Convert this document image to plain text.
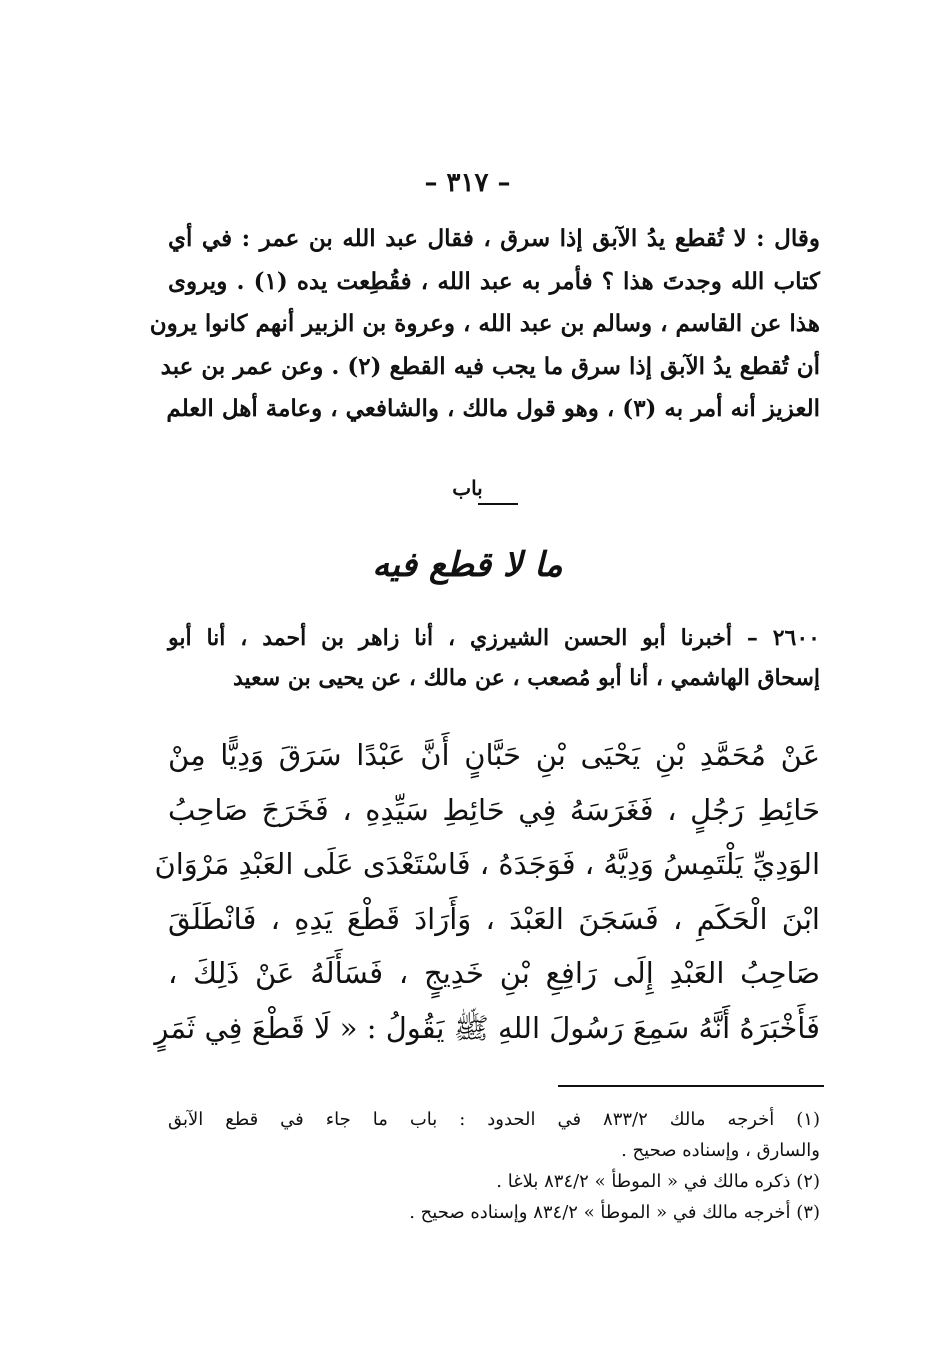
– ٣١٧ –
وقال : لا تُقطع يدُ الآبق إذا سرق ، فقال عبد الله بن عمر : في أي
كتاب الله وجدتَ هذا ؟ فأمر به عبد الله ، فقُطِعت يده (١) . ويروى
هذا عن القاسم ، وسالم بن عبد الله ، وعروة بن الزبير أنهم كانوا يرون
أن تُقطع يدُ الآبق إذا سرق ما يجب فيه القطع (٢) . وعن عمر بن عبد
العزيز أنه أمر به (٣) ، وهو قول مالك ، والشافعي ، وعامة أهل العلم
باب
ما لا قطع فيه
٢٦٠٠ – أخبرنا أبو الحسن الشيرزي ، أنا زاهر بن أحمد ، أنا أبو
إسحاق الهاشمي ، أنا أبو مُصعب ، عن مالك ، عن يحيى بن سعيد
عَنْ مُحَمَّدِ بْنِ يَحْيَى بْنِ حَبَّانٍ أَنَّ عَبْدًا سَرَقَ وَدِيًّا مِنْ
حَائِطِ رَجُلٍ ، فَغَرَسَهُ فِي حَائِطِ سَيِّدِهِ ، فَخَرَجَ صَاحِبُ
الوَدِيِّ يَلْتَمِسُ وَدِيَّهُ ، فَوَجَدَهُ ، فَاسْتَعْدَى عَلَى العَبْدِ مَرْوَانَ
ابْنَ الْحَكَمِ ، فَسَجَنَ العَبْدَ ، وَأَرَادَ قَطْعَ يَدِهِ ، فَانْطَلَقَ
صَاحِبُ العَبْدِ إِلَى رَافِعِ بْنِ خَدِيجٍ ، فَسَأَلَهُ عَنْ ذَلِكَ ،
فَأَخْبَرَهُ أَنَّهُ سَمِعَ رَسُولَ اللهِ ﷺ يَقُولُ : « لَا قَطْعَ فِي ثَمَرٍ
(١) أخرجه مالك ٨٣٣/٢ في الحدود : باب ما جاء في قطع الآبق
والسارق ، وإسناده صحيح .
(٢) ذكره مالك في « الموطأ » ٨٣٤/٢ بلاغا .
(٣) أخرجه مالك في « الموطأ » ٨٣٤/٢ وإسناده صحيح .
